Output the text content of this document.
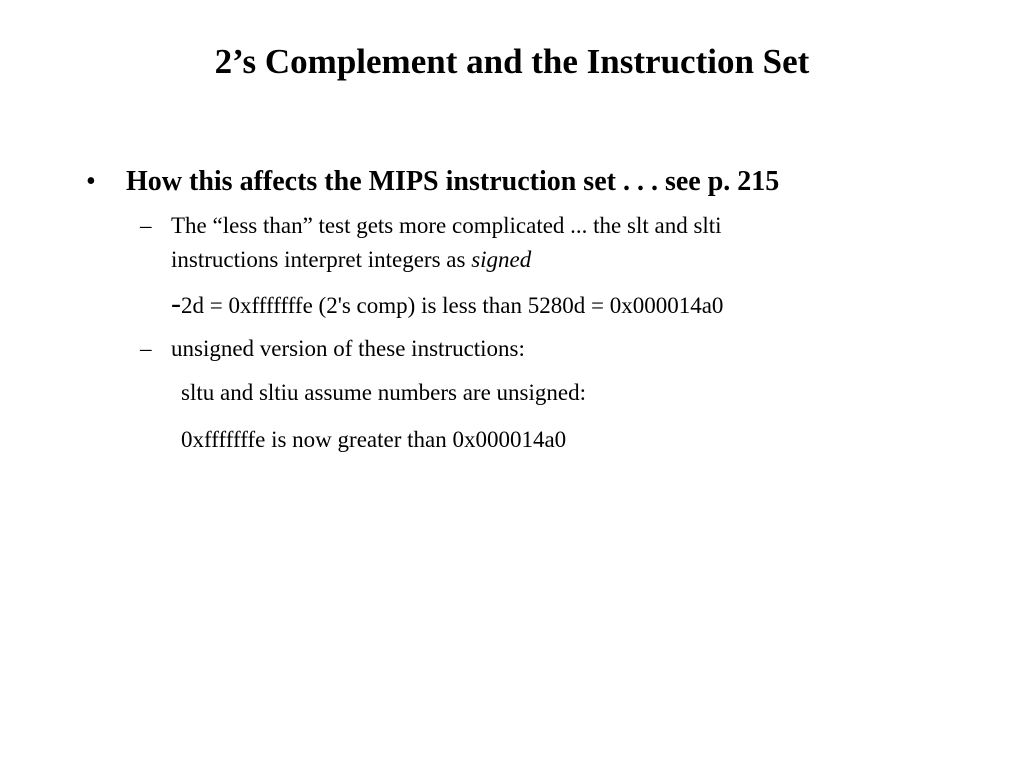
2’s Complement and the Instruction Set
• How this affects the MIPS instruction set . . . see p. 215
– The “less than” test gets more complicated ... the slt and slti
instructions interpret integers as signed
-2d = 0xfffffffe (2's comp) is less than 5280d = 0x000014a0
– unsigned version of these instructions:
sltu and sltiu assume numbers are unsigned:
0xfffffffe is now greater than 0x000014a0
